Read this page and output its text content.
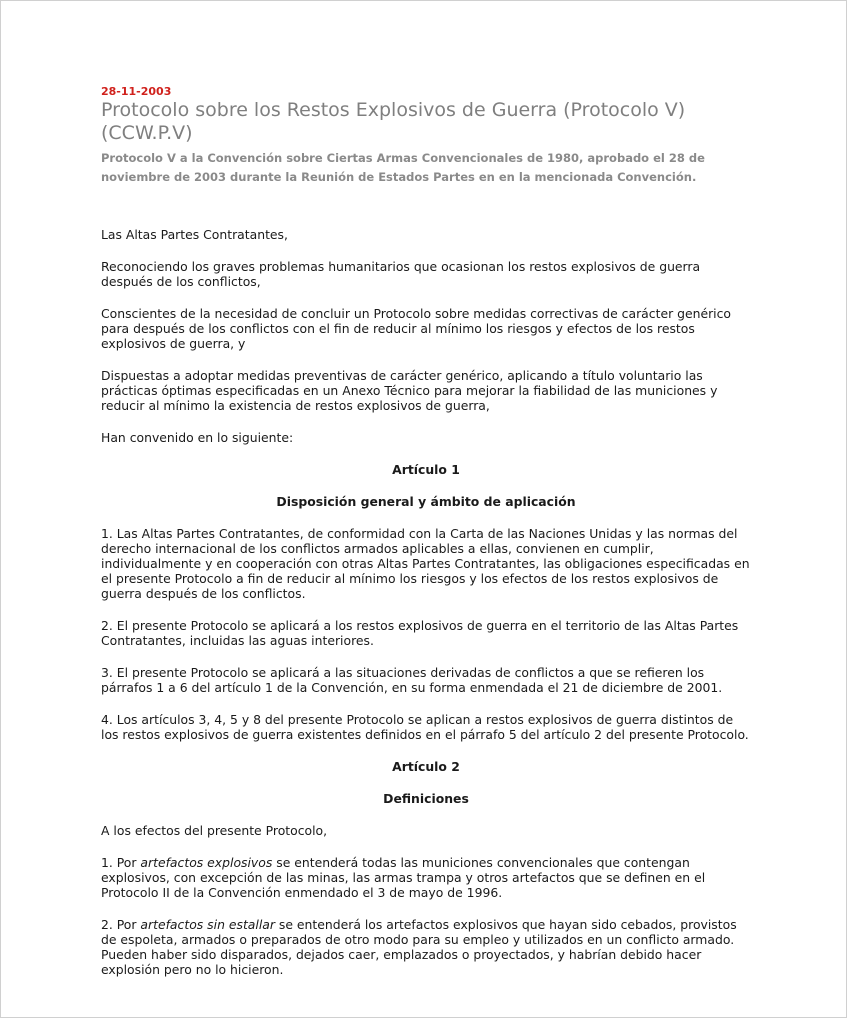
28-11-2003
Protocolo sobre los Restos Explosivos de Guerra (Protocolo V) (CCW.P.V)

Protocolo V a la Convención sobre Ciertas Armas Convencionales de 1980, aprobado el 28 de noviembre de 2003 durante la Reunión de Estados Partes en en la mencionada Convención.

Las Altas Partes Contratantes,

Reconociendo los graves problemas humanitarios que ocasionan los restos explosivos de guerra después de los conflictos,

Conscientes de la necesidad de concluir un Protocolo sobre medidas correctivas de carácter genérico para después de los conflictos con el fin de reducir al mínimo los riesgos y efectos de los restos explosivos de guerra, y

Dispuestas a adoptar medidas preventivas de carácter genérico, aplicando a título voluntario las prácticas óptimas especificadas en un Anexo Técnico para mejorar la fiabilidad de las municiones y reducir al mínimo la existencia de restos explosivos de guerra,

Han convenido en lo siguiente:

Artículo 1

Disposición general y ámbito de aplicación

1. Las Altas Partes Contratantes, de conformidad con la Carta de las Naciones Unidas y las normas del derecho internacional de los conflictos armados aplicables a ellas, convienen en cumplir, individualmente y en cooperación con otras Altas Partes Contratantes, las obligaciones especificadas en el presente Protocolo a fin de reducir al mínimo los riesgos y los efectos de los restos explosivos de guerra después de los conflictos.

2. El presente Protocolo se aplicará a los restos explosivos de guerra en el territorio de las Altas Partes Contratantes, incluidas las aguas interiores.

3. El presente Protocolo se aplicará a las situaciones derivadas de conflictos a que se refieren los párrafos 1 a 6 del artículo 1 de la Convención, en su forma enmendada el 21 de diciembre de 2001.

4. Los artículos 3, 4, 5 y 8 del presente Protocolo se aplican a restos explosivos de guerra distintos de los restos explosivos de guerra existentes definidos en el párrafo 5 del artículo 2 del presente Protocolo.

Artículo 2

Definiciones

A los efectos del presente Protocolo,

1. Por artefactos explosivos se entenderá todas las municiones convencionales que contengan explosivos, con excepción de las minas, las armas trampa y otros artefactos que se definen en el Protocolo II de la Convención enmendado el 3 de mayo de 1996.

2. Por artefactos sin estallar se entenderá los artefactos explosivos que hayan sido cebados, provistos de espoleta, armados o preparados de otro modo para su empleo y utilizados en un conflicto armado. Pueden haber sido disparados, dejados caer, emplazados o proyectados, y habrían debido hacer explosión pero no lo hicieron.
